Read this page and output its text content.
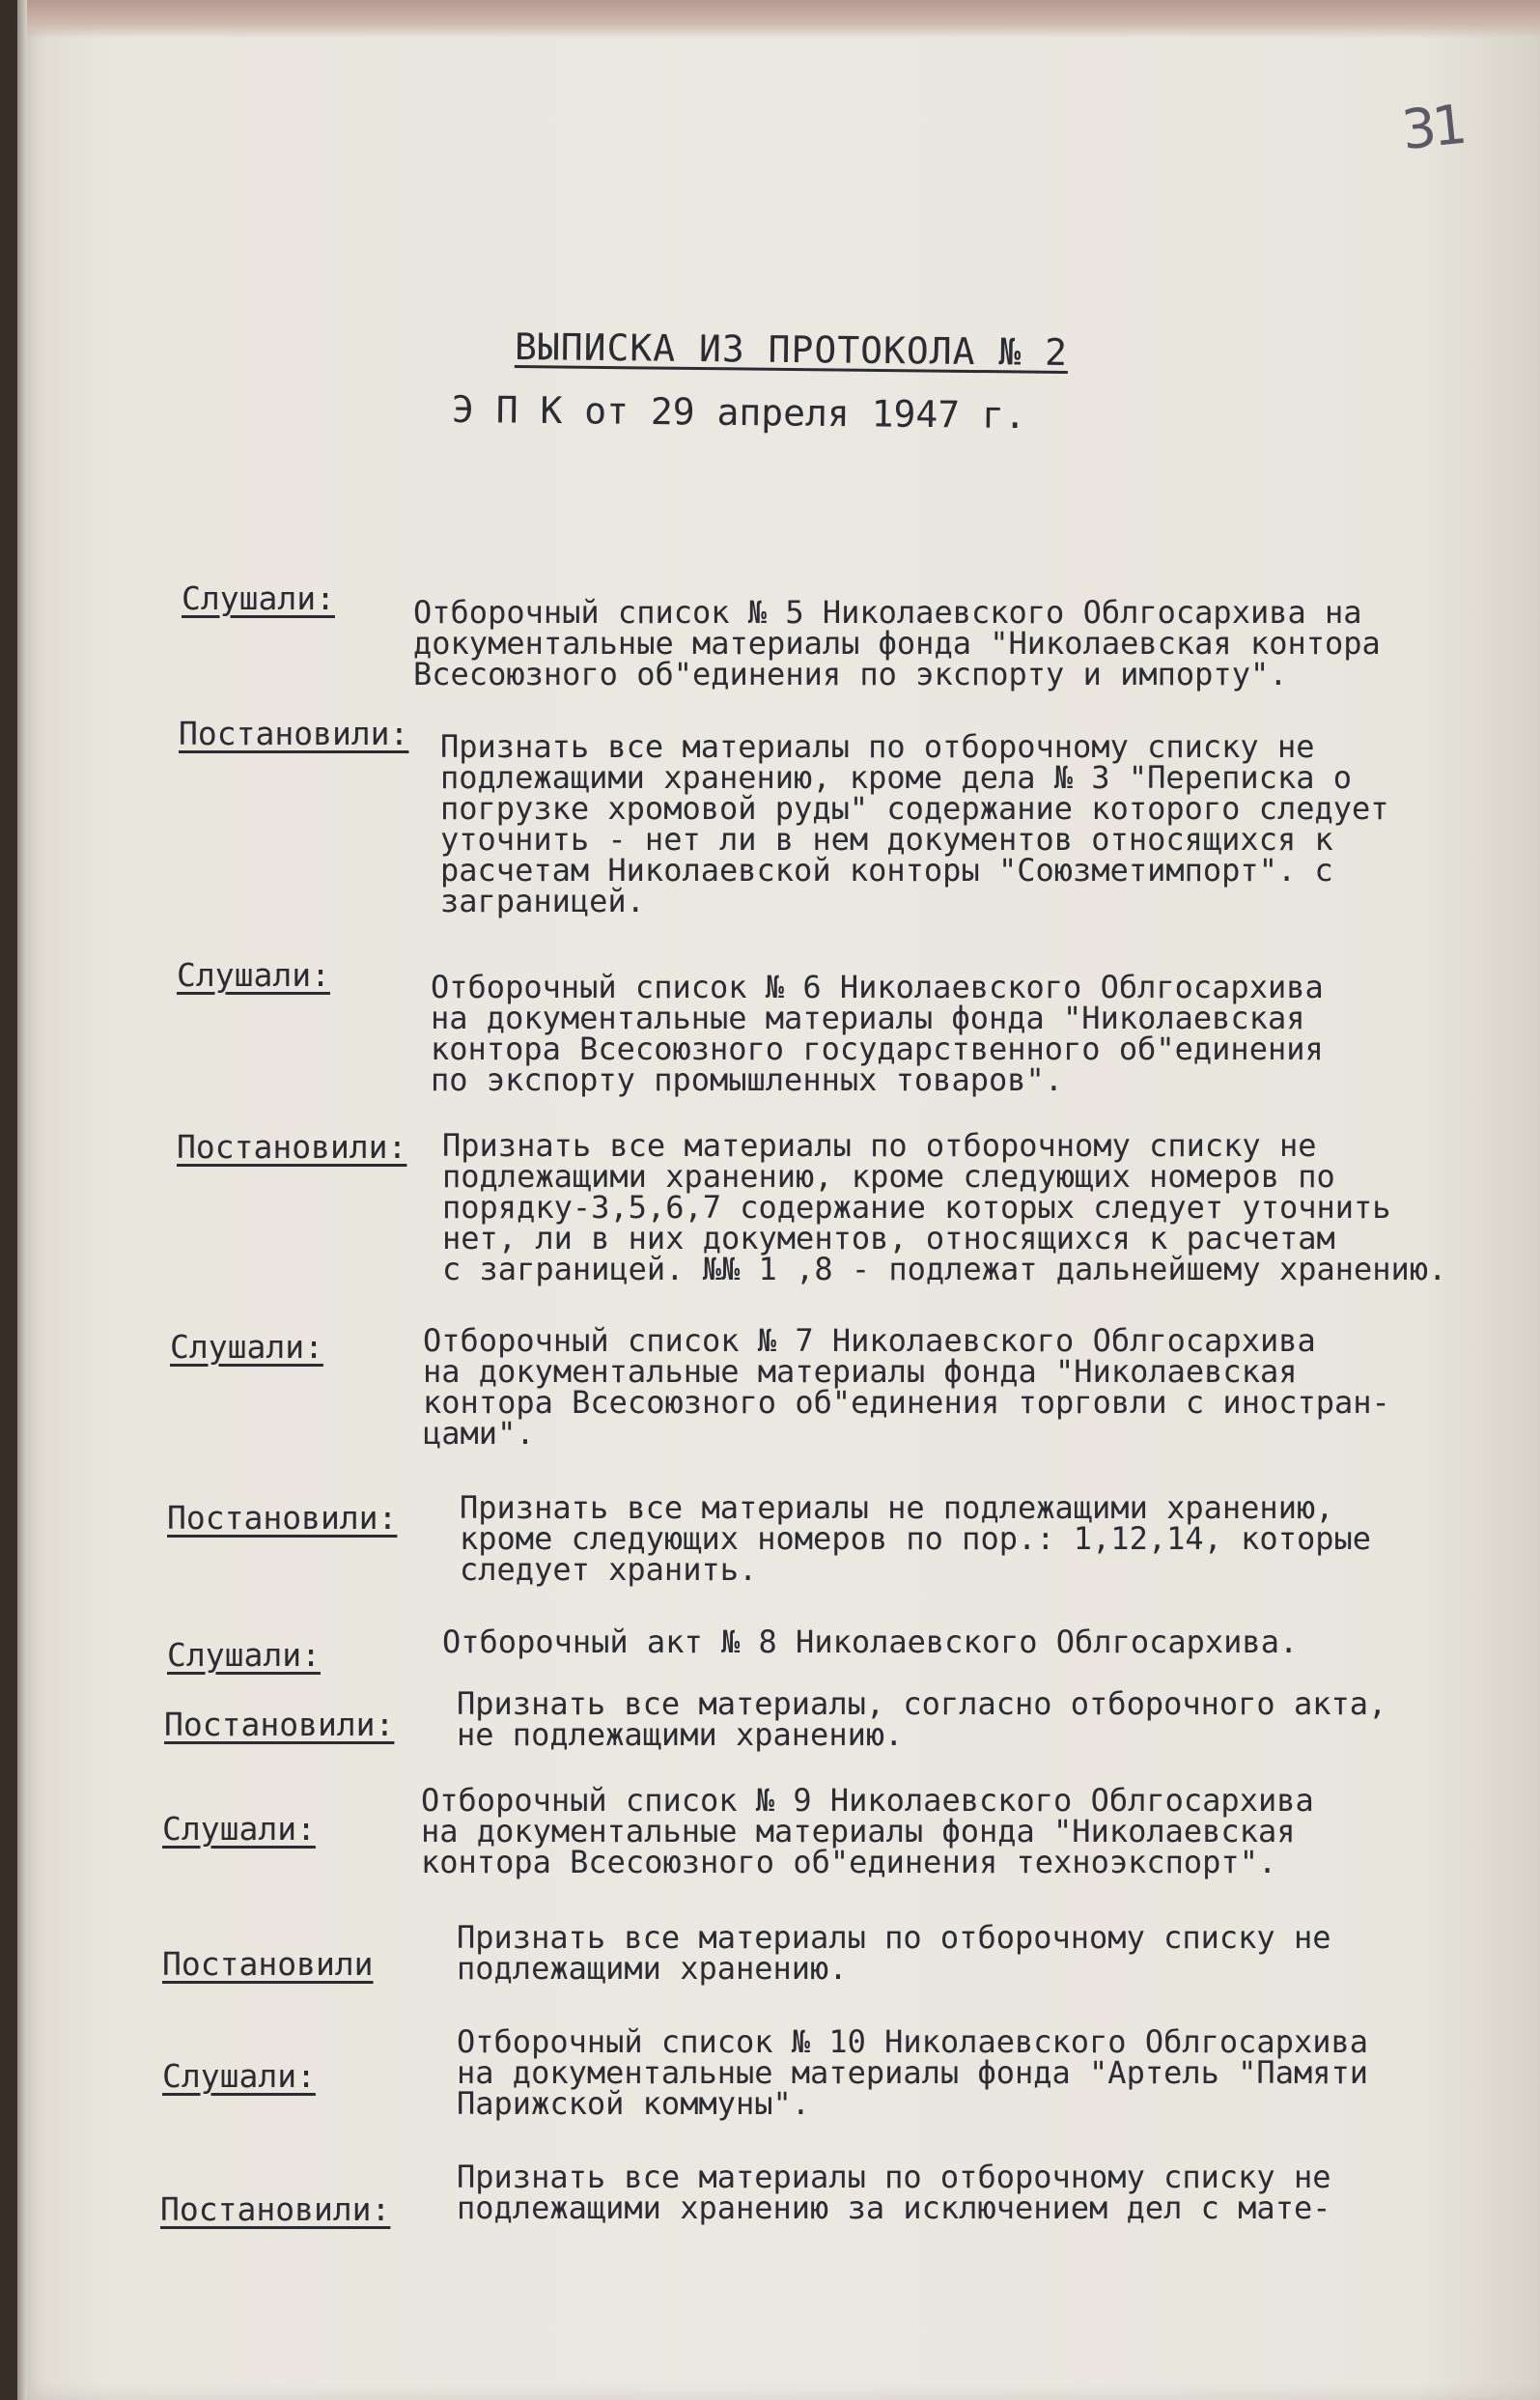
31
ВЫПИСКА ИЗ ПРОТОКОЛА № 2
Э П К от 29 апреля 1947 г.
Слушали:	Отборочный список № 5 Николаевского Облгосархива на
документальные материалы фонда "Николаевская контора
Всесоюзного об"единения по экспорту и импорту".
Постановили: Признать все материалы по отборочному списку не
подлежащими хранению, кроме дела № 3 "Переписка о
погрузке хромовой руды" содержание которого следует
уточнить - нет ли в нем документов относящихся к
расчетам Николаевской конторы "Союзметимпорт". с
заграницей.
Слушали:	Отборочный список № 6 Николаевского Облгосархива
на документальные материалы фонда "Николаевская
контора Всесоюзного государственного об"единения
по экспорту промышленных товаров".
Постановили: Признать все материалы по отборочному списку не
подлежащими хранению, кроме следующих номеров по
порядку-3,5,6,7 содержание которых следует уточнить
нет, ли в них документов, относящихся к расчетам
с заграницей. №№ 1 ,8 - подлежат дальнейшему хранению.
Слушали:	Отборочный список № 7 Николаевского Облгосархива
на документальные материалы фонда "Николаевская
контора Всесоюзного об"единения торговли с иностран-
цами".
Постановили: Признать все материалы не подлежащими хранению,
кроме следующих номеров по пор.: 1,12,14, которые
следует хранить.
Слушали:	Отборочный акт № 8 Николаевского Облгосархива.
Постановили:
Признать все материалы, согласно отборочного акта,
не подлежащими хранению.
Слушали:
Отборочный список № 9 Николаевского Облгосархива
на документальные материалы фонда "Николаевская
контора Всесоюзного об"единения техноэкспорт".
Постановили
Признать все материалы по отборочному списку не
подлежащими хранению.
Слушали:
Отборочный список № 10 Николаевского Облгосархива
на документальные материалы фонда "Артель "Памяти
Парижской коммуны".
Постановили:
Признать все материалы по отборочному списку не
подлежащими хранению за исключением дел с мате-
